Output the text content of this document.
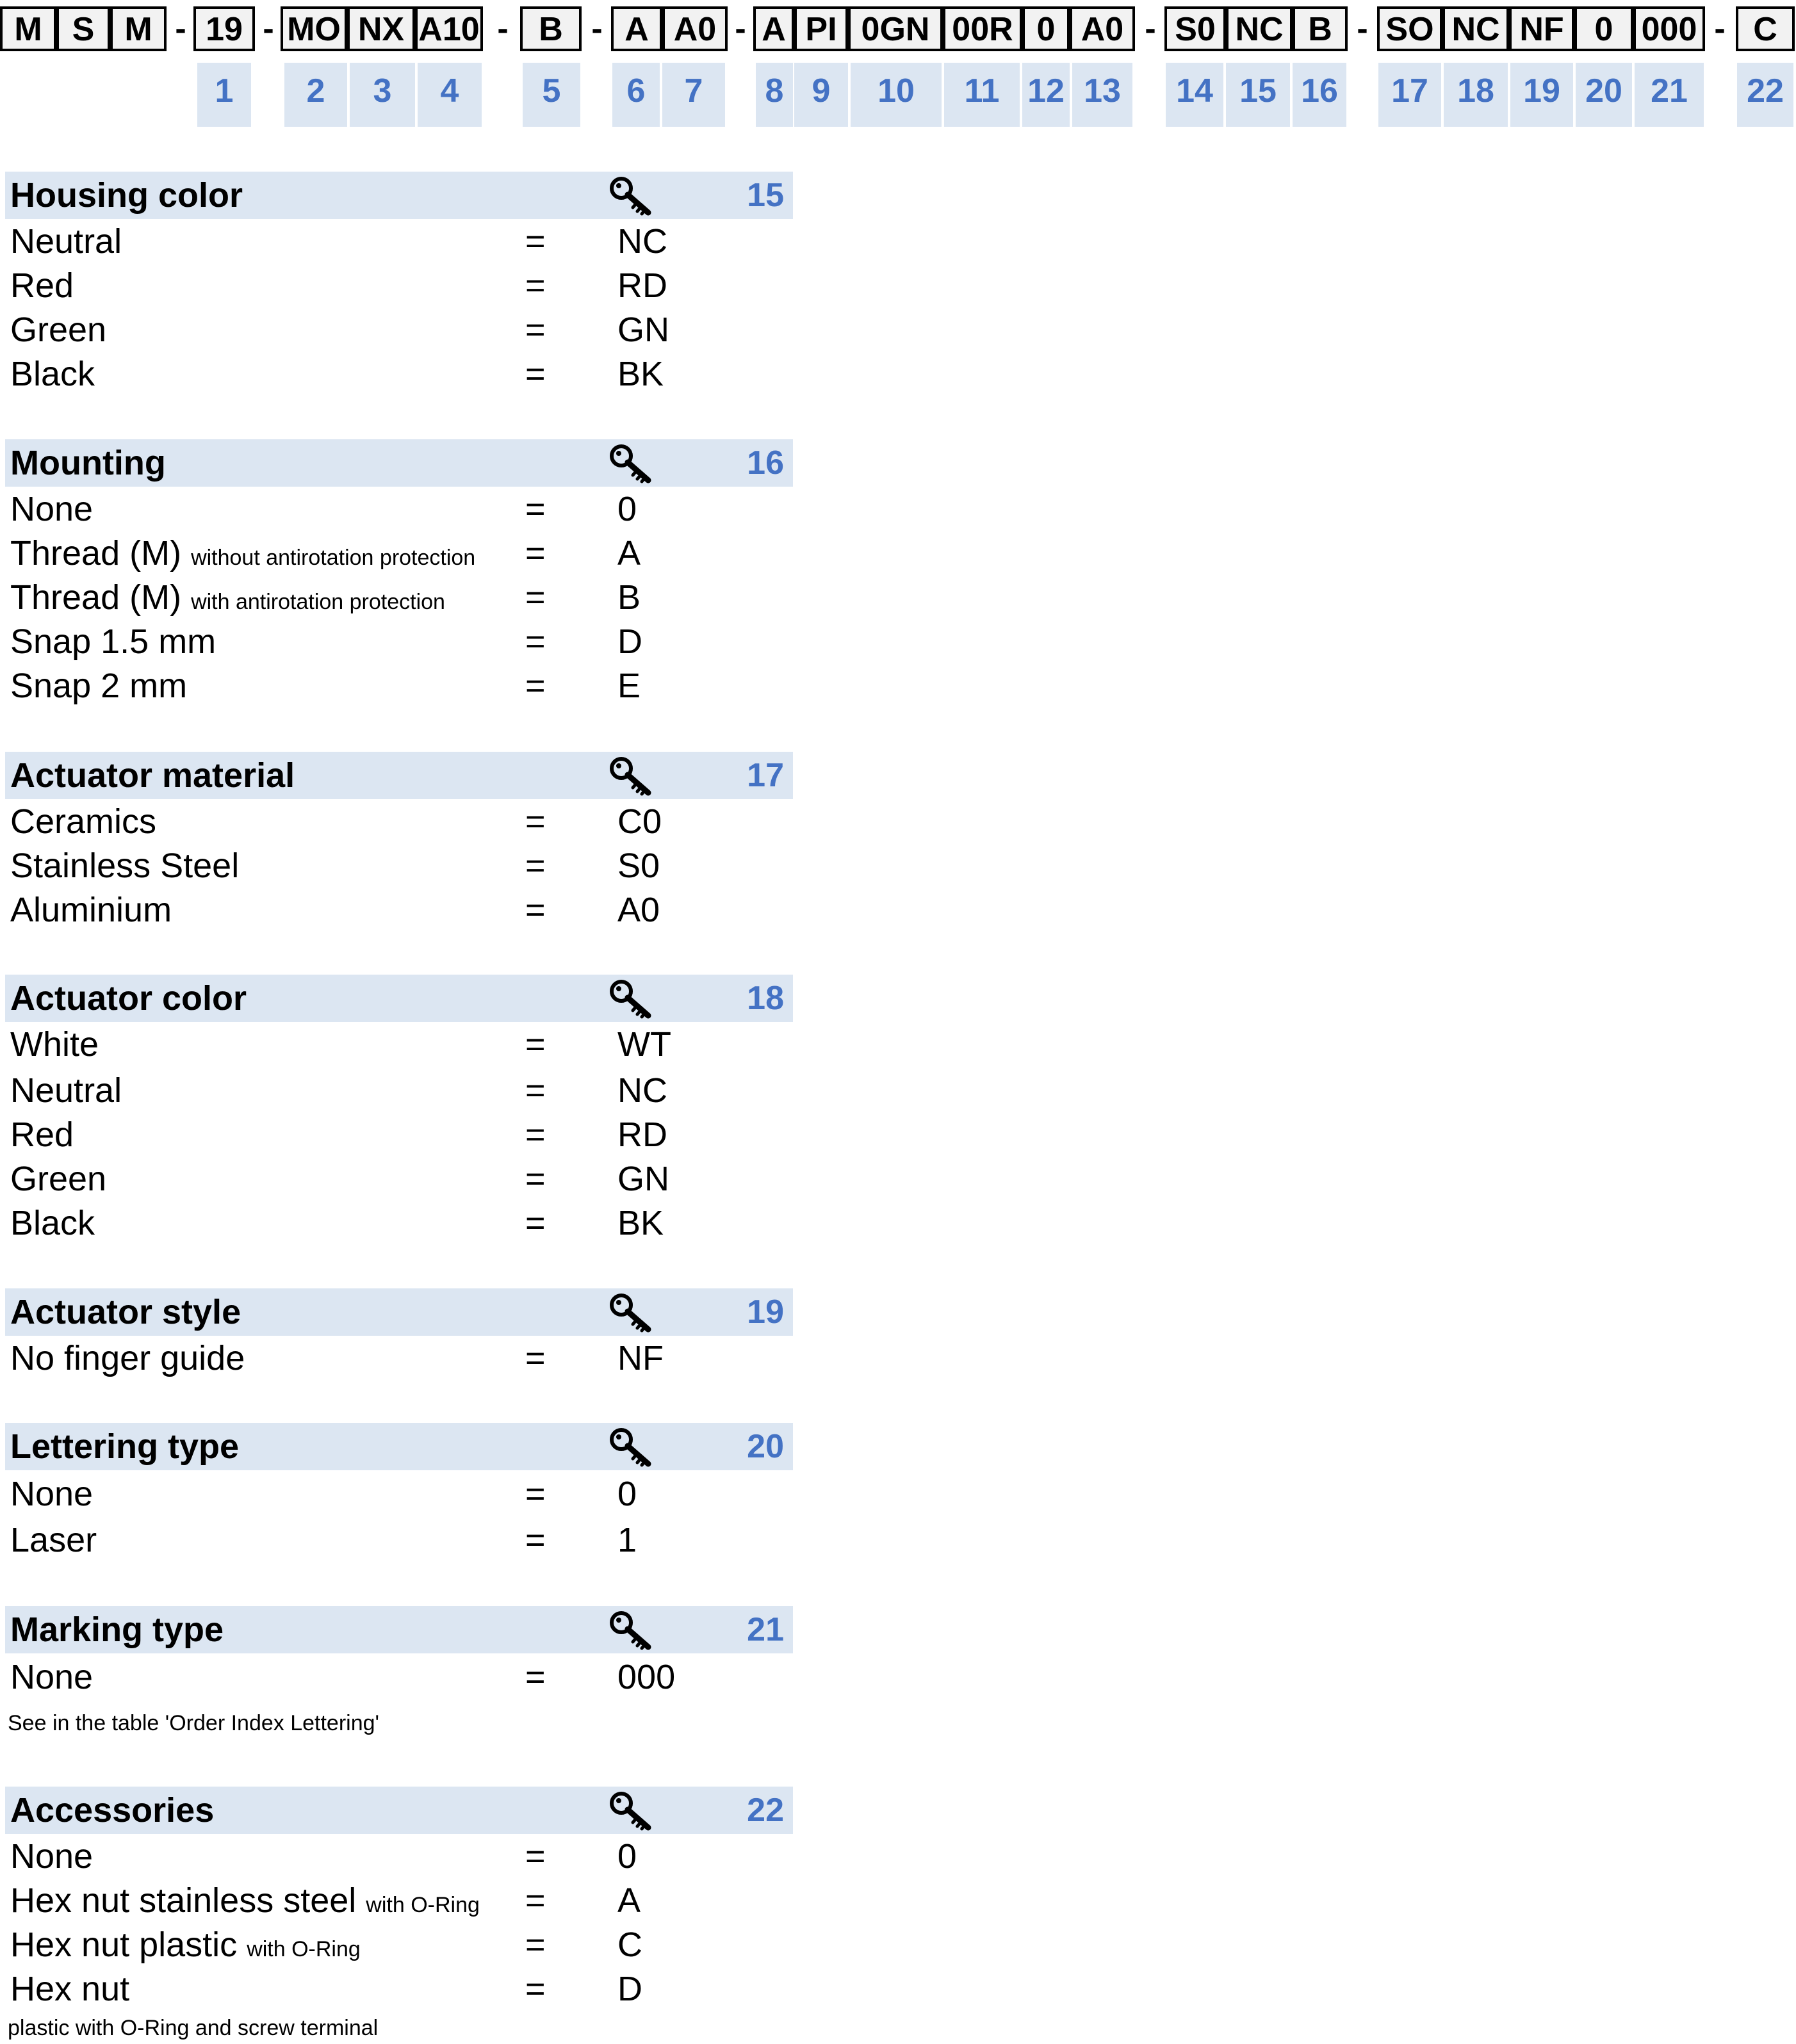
M S M - 19 - MO NX A10 - B - A A0 - A PI 0GN 00R 0 A0 - S0 NC B - SO NC NF 0 000 - C
1	2	3	4	5	6	7	8 9	10	11 12 13	14 15 16	17 18 19 20 21	22
Housing color	15
Neutral	= NC
Red	= RD
Green	= GN
Black	= BK
Mounting	16
None	= 0
Thread (M) without antirotation protection = A
Thread (M) with antirotation protection = B
Snap 1.5 mm	= D
Snap 2 mm	= E
Actuator material	17
Ceramics	= C0
Stainless Steel	= S0
Aluminium	= A0
Actuator color	18
White	= WT
Neutral	= NC
Red	= RD
Green	= GN
Black	= BK
Actuator style	19
No finger guide	= NF
Lettering type	20
None	= 0
Laser	= 1
Marking type	21
None	= 000
See in the table 'Order Index Lettering'
Accessories	22
None	= 0
Hex nut stainless steel with O-Ring = A
Hex nut plastic with O-Ring	= C
Hex nut	= D
plastic with O-Ring and screw terminal
